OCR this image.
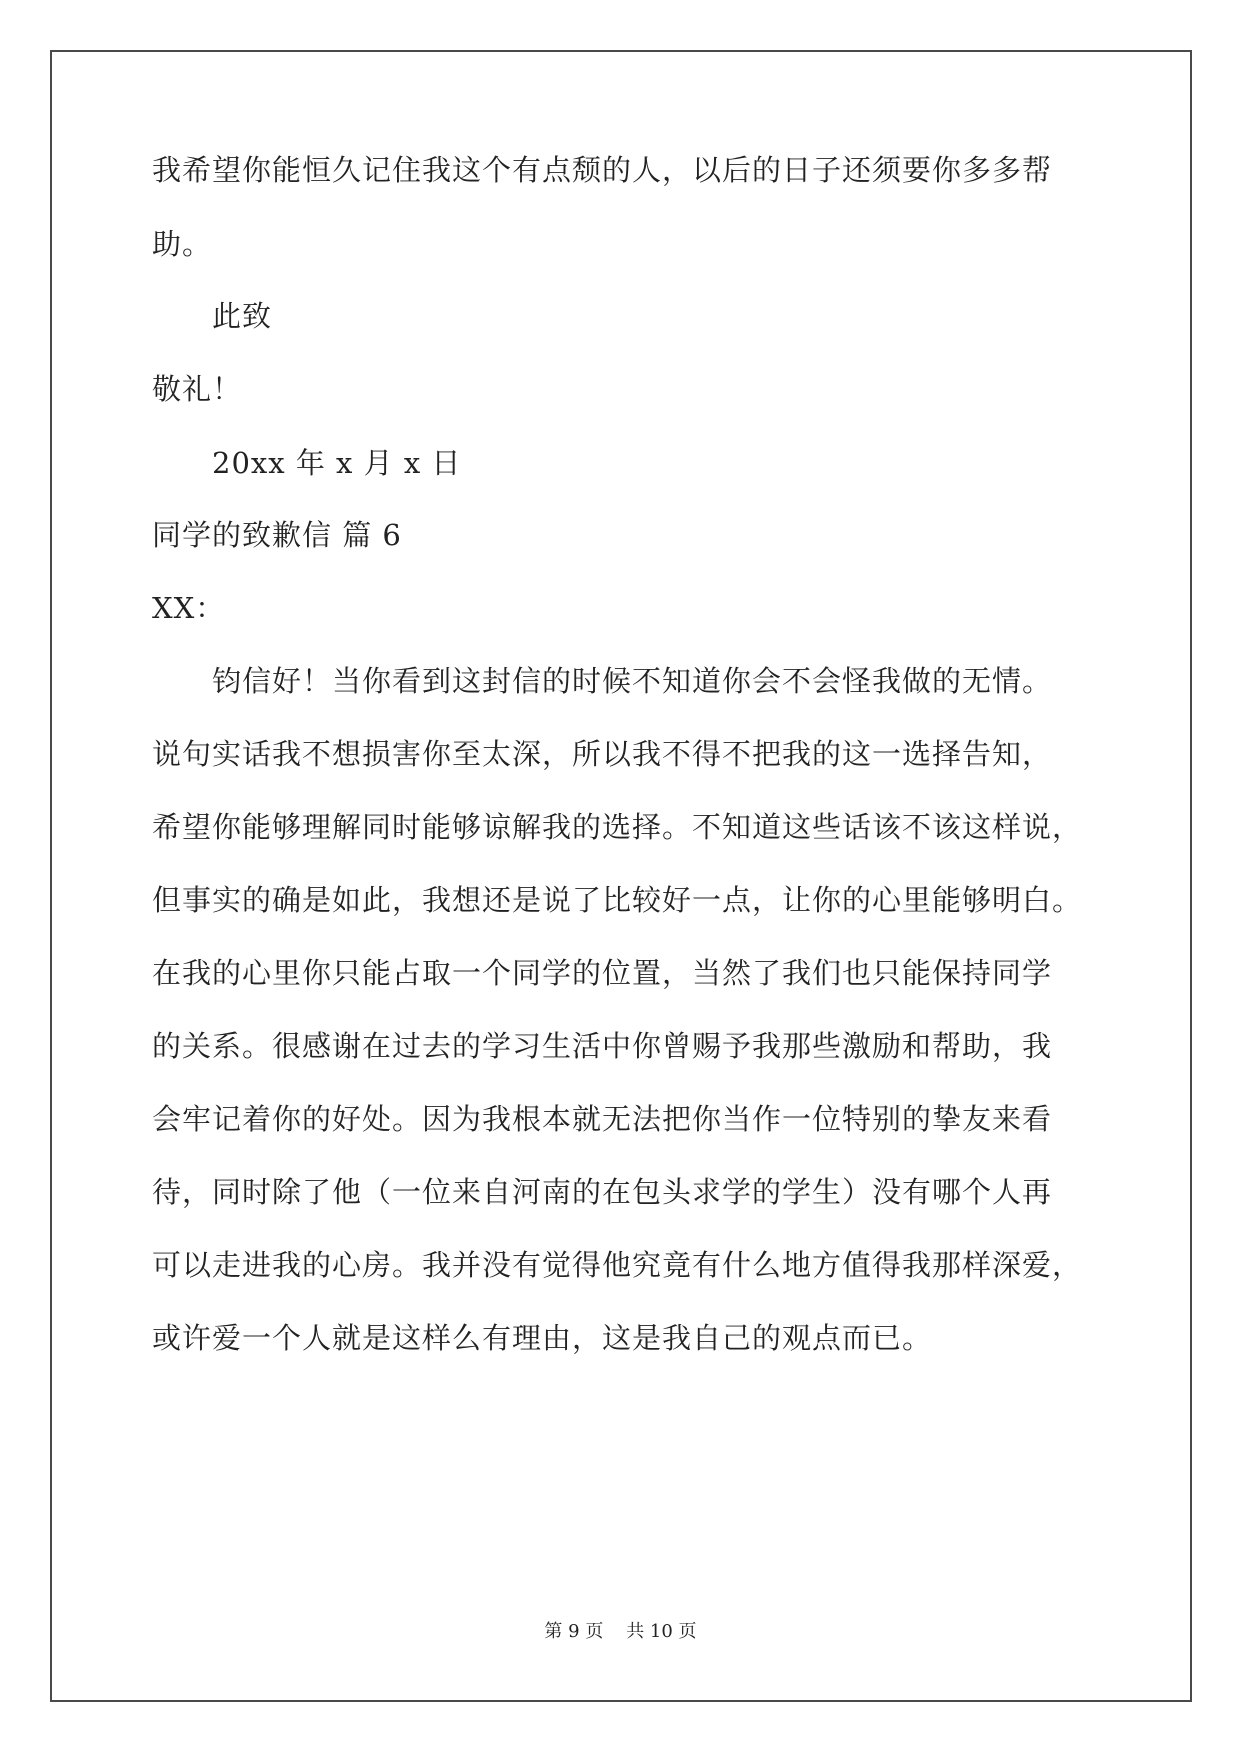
我希望你能恒久记住我这个有点颓的人，以后的日子还须要你多多帮
助。
此致
敬礼！
20xx 年 x 月 x 日
同学的致歉信 篇 6
XX：
钧信好！当你看到这封信的时候不知道你会不会怪我做的无情。
说句实话我不想损害你至太深，所以我不得不把我的这一选择告知，
希望你能够理解同时能够谅解我的选择。不知道这些话该不该这样说，
但事实的确是如此，我想还是说了比较好一点，让你的心里能够明白。
在我的心里你只能占取一个同学的位置，当然了我们也只能保持同学
的关系。很感谢在过去的学习生活中你曾赐予我那些激励和帮助，我
会牢记着你的好处。因为我根本就无法把你当作一位特别的挚友来看
待，同时除了他（一位来自河南的在包头求学的学生）没有哪个人再
可以走进我的心房。我并没有觉得他究竟有什么地方值得我那样深爱，
或许爱一个人就是这样么有理由，这是我自己的观点而已。
第 9 页    共 10 页
